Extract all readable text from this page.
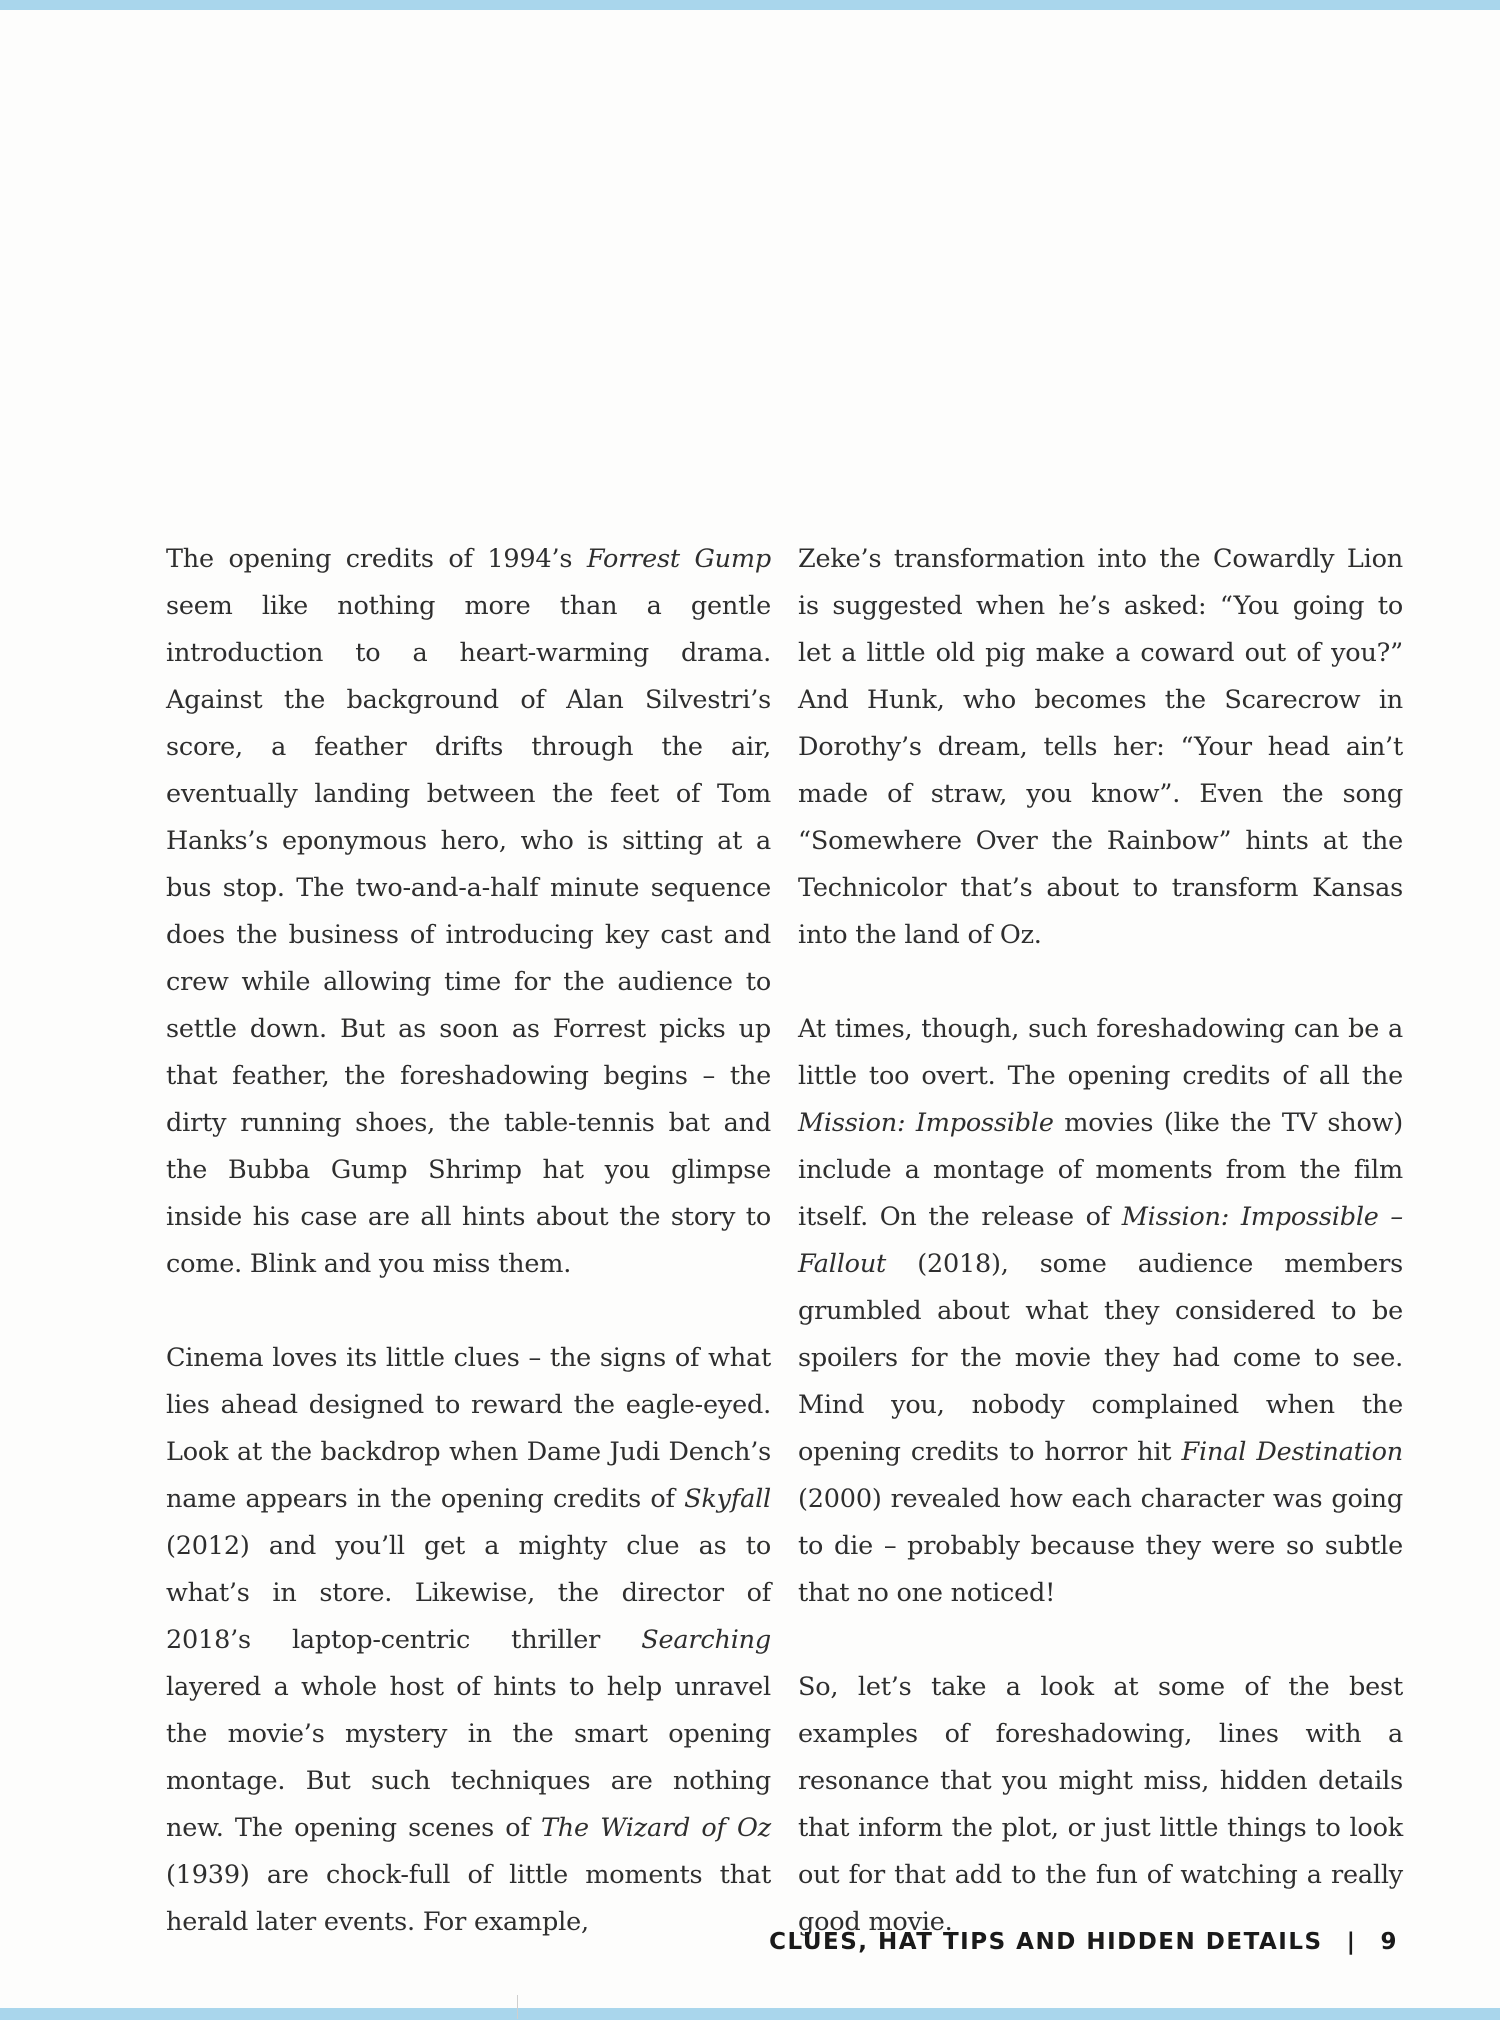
The opening credits of 1994’s Forrest Gump seem like nothing more than a gentle introduction to a heart-warming drama. Against the background of Alan Silvestri’s score, a feather drifts through the air, eventually landing between the feet of Tom Hanks’s eponymous hero, who is sitting at a bus stop. The two-and-a-half minute sequence does the business of introducing key cast and crew while allowing time for the audience to settle down. But as soon as Forrest picks up that feather, the foreshadowing begins – the dirty running shoes, the table-tennis bat and the Bubba Gump Shrimp hat you glimpse inside his case are all hints about the story to come. Blink and you miss them.

Cinema loves its little clues – the signs of what lies ahead designed to reward the eagle-eyed. Look at the backdrop when Dame Judi Dench’s name appears in the opening credits of Skyfall (2012) and you’ll get a mighty clue as to what’s in store. Likewise, the director of 2018’s laptop-centric thriller Searching layered a whole host of hints to help unravel the movie’s mystery in the smart opening montage. But such techniques are nothing new. The opening scenes of The Wizard of Oz (1939) are chock-full of little moments that herald later events. For example,

Zeke’s transformation into the Cowardly Lion is suggested when he’s asked: “You going to let a little old pig make a coward out of you?” And Hunk, who becomes the Scarecrow in Dorothy’s dream, tells her: “Your head ain’t made of straw, you know”. Even the song “Somewhere Over the Rainbow” hints at the Technicolor that’s about to transform Kansas into the land of Oz.

At times, though, such foreshadowing can be a little too overt. The opening credits of all the Mission: Impossible movies (like the TV show) include a montage of moments from the film itself. On the release of Mission: Impossible – Fallout (2018), some audience members grumbled about what they considered to be spoilers for the movie they had come to see. Mind you, nobody complained when the opening credits to horror hit Final Destination (2000) revealed how each character was going to die – probably because they were so subtle that no one noticed!

So, let’s take a look at some of the best examples of foreshadowing, lines with a resonance that you might miss, hidden details that inform the plot, or just little things to look out for that add to the fun of watching a really good movie.

CLUES, HAT TIPS AND HIDDEN DETAILS | 9
